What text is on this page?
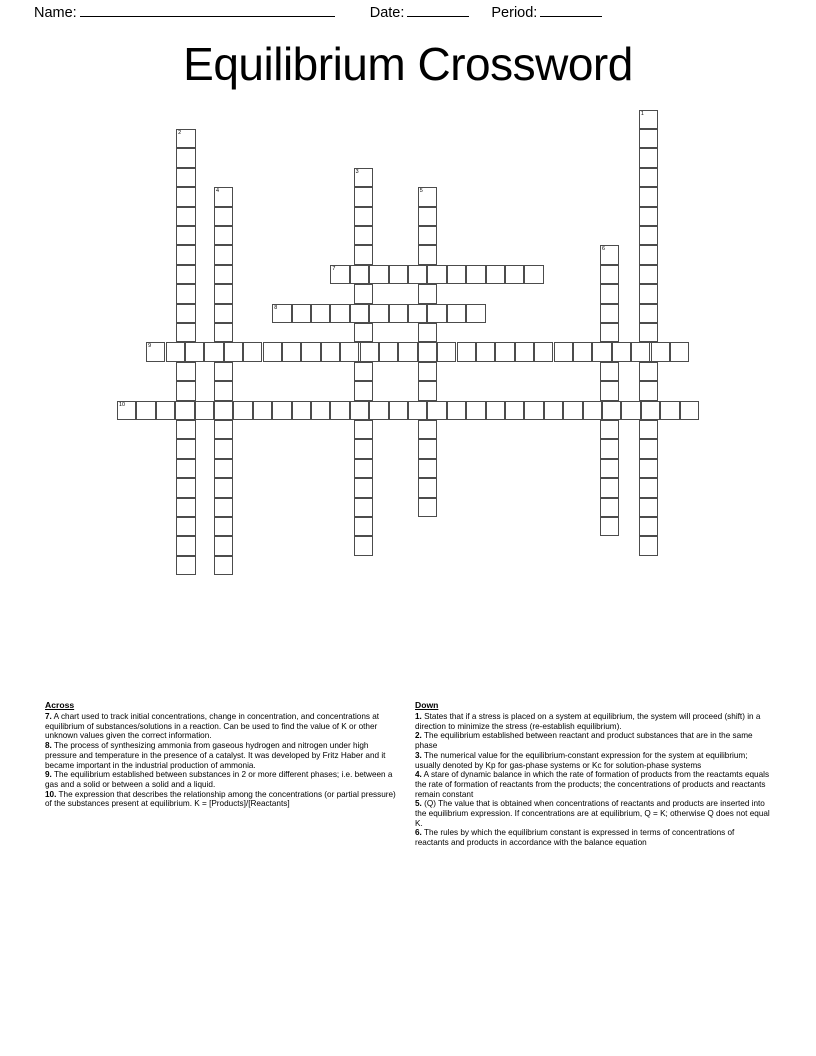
Name:	Date:	Period:
Equilibrium Crossword
1
2
3
4	5
6
7
8
9
10
Across
7. A chart used to track initial concentrations, change in concentration, and concentrations at equilibrium of substances/solutions in a reaction. Can be used to find the value of K or other unknown values given the correct information.
8. The process of synthesizing ammonia from gaseous hydrogen and nitrogen under high pressure and temperature in the presence of a catalyst. It was developed by Fritz Haber and it became important in the industrial production of ammonia.
9. The equilibrium established between substances in 2 or more different phases; i.e. between a gas and a solid or between a solid and a liquid.
10. The expression that describes the relationship among the concentrations (or partial pressure) of the substances present at equilibrium. K = [Products]/[Reactants]
Down
1. States that if a stress is placed on a system at equilibrium, the system will proceed (shift) in a direction to minimize the stress (re-establish equilibrium).
2. The equilibrium established between reactant and product substances that are in the same phase
3. The numerical value for the equilibrium-constant expression for the system at equilibrium; usually denoted by Kp for gas-phase systems or Kc for solution-phase systems
4. A stare of dynamic balance in which the rate of formation of products from the reactamts equals the rate of formation of reactants from the products; the concentrations of products and reactants remain constant
5. (Q) The value that is obtained when concentrations of reactants and products are inserted into the equilibrium expression. If concentrations are at equilibrium, Q = K; otherwise Q does not equal K.
6. The rules by which the equilibrium constant is expressed in terms of concentrations of reactants and products in accordance with the balance equation
